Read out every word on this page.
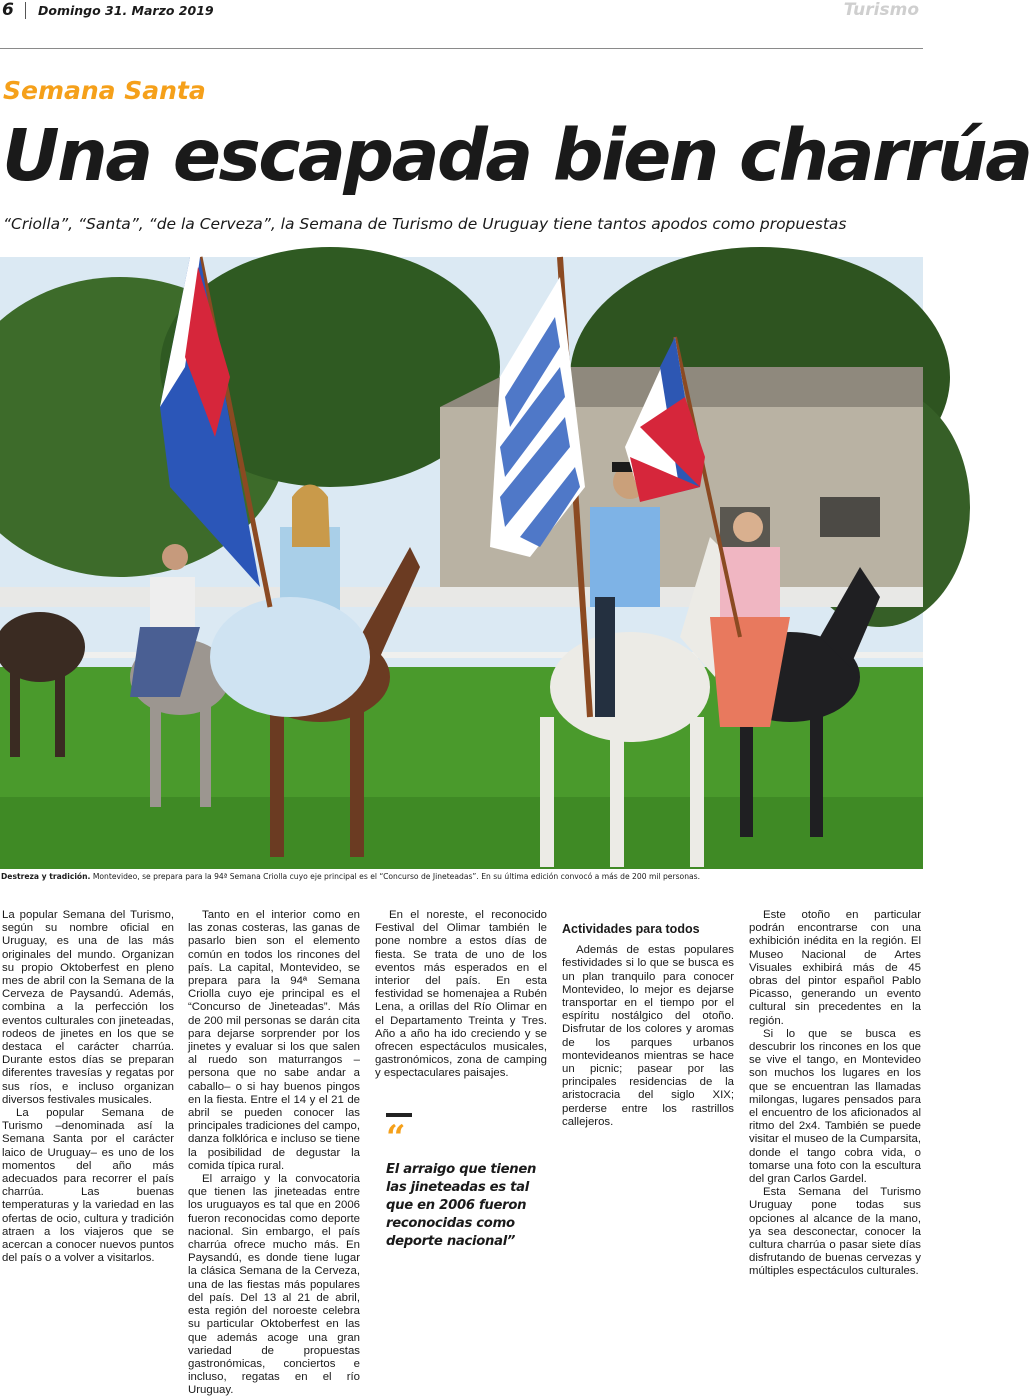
6 Domingo 31. Marzo 2019	Turismo
Semana Santa
Una escapada bien charrúa
“Criolla”, “Santa”, “de la Cerveza”, la Semana de Turismo de Uruguay tiene tantos apodos como propuestas
Destreza y tradición. Montevideo, se prepara para la 94ª Semana Criolla cuyo eje principal es el “Concurso de Jineteadas”. En su última edición convocó a más de 200 mil personas.

La popular Semana del Turismo, según su nombre oficial en Uruguay, es una de las más originales del mundo. Organizan su propio Oktoberfest en pleno mes de abril con la Semana de la Cerveza de Paysandú. Además, combina a la perfección los eventos culturales con jineteadas, rodeos de jinetes en los que se destaca el carácter charrúa. Durante estos días se preparan diferentes travesías y regatas por sus ríos, e incluso organizan diversos festivales musicales.

La popular Semana de Turismo –denominada así la Semana Santa por el carácter laico de Uruguay– es uno de los momentos del año más adecuados para recorrer el país charrúa. Las buenas temperaturas y la variedad en las ofertas de ocio, cultura y tradición atraen a los viajeros que se acercan a conocer nuevos puntos del país o a volver a visitarlos.

Tanto en el interior como en las zonas costeras, las ganas de pasarlo bien son el elemento común en todos los rincones del país. La capital, Montevideo, se prepara para la 94ª Semana Criolla cuyo eje principal es el “Concurso de Jineteadas”. Más de 200 mil personas se darán cita para dejarse sorprender por los jinetes y evaluar si los que salen al ruedo son maturrangos –persona que no sabe andar a caballo– o si hay buenos pingos en la fiesta. Entre el 14 y el 21 de abril se pueden conocer las principales tradiciones del campo, danza folklórica e incluso se tiene la posibilidad de degustar la comida típica rural.

El arraigo y la convocatoria que tienen las jineteadas entre los uruguayos es tal que en 2006 fueron reconocidas como deporte nacional. Sin embargo, el país charrúa ofrece mucho más. En Paysandú, es donde tiene lugar la clásica Semana de la Cerveza, una de las fiestas más populares del país. Del 13 al 21 de abril, esta región del noroeste celebra su particular Oktoberfest en las que además acoge una gran variedad de propuestas gastronómicas, conciertos e incluso, regatas en el río Uruguay.

En el noreste, el reconocido Festival del Olimar también le pone nombre a estos días de fiesta. Se trata de uno de los eventos más esperados en el interior del país. En esta festividad se homenajea a Rubén Lena, a orillas del Río Olimar en el Departamento Treinta y Tres. Año a año ha ido creciendo y se ofrecen espectáculos musicales, gastronómicos, zona de camping y espectaculares paisajes.

“
El arraigo que tienen las jineteadas es tal que en 2006 fueron reconocidas como deporte nacional”

Actividades para todos

Además de estas populares festividades si lo que se busca es un plan tranquilo para conocer Montevideo, lo mejor es dejarse transportar en el tiempo por el espíritu nostálgico del otoño. Disfrutar de los colores y aromas de los parques urbanos montevideanos mientras se hace un picnic; pasear por las principales residencias de la aristocracia del siglo XIX; perderse entre los rastrillos callejeros.

Este otoño en particular podrán encontrarse con una exhibición inédita en la región. El Museo Nacional de Artes Visuales exhibirá más de 45 obras del pintor español Pablo Picasso, generando un evento cultural sin precedentes en la región.

Si lo que se busca es descubrir los rincones en los que se vive el tango, en Montevideo son muchos los lugares en los que se encuentran las llamadas milongas, lugares pensados para el encuentro de los aficionados al ritmo del 2x4. También se puede visitar el museo de la Cumparsita, donde el tango cobra vida, o tomarse una foto con la escultura del gran Carlos Gardel.

Esta Semana del Turismo Uruguay pone todas sus opciones al alcance de la mano, ya sea desconectar, conocer la cultura charrúa o pasar siete días disfrutando de buenas cervezas y múltiples espectáculos culturales.
